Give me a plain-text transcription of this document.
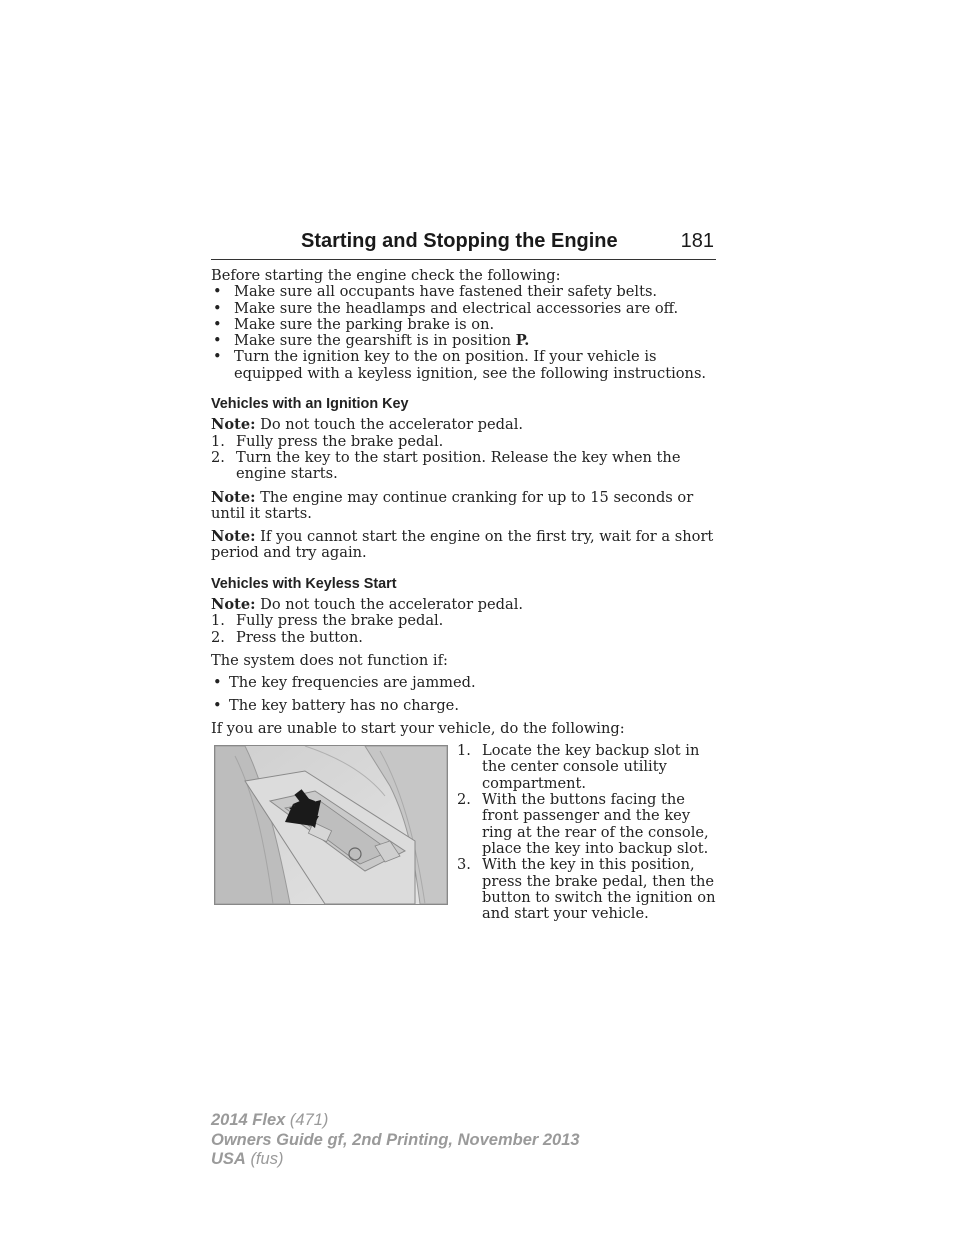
Starting and Stopping the Engine	181

Before starting the engine check the following:

• Make sure all occupants have fastened their safety belts.
• Make sure the headlamps and electrical accessories are off.
• Make sure the parking brake is on.
• Make sure the gearshift is in position P.
• Turn the ignition key to the on position. If your vehicle is equipped with a keyless ignition, see the following instructions.
Vehicles with an Ignition Key

Note: Do not touch the accelerator pedal.

1. Fully press the brake pedal.
2. Turn the key to the start position. Release the key when the engine starts.

Note: The engine may continue cranking for up to 15 seconds or until it starts.

Note: If you cannot start the engine on the first try, wait for a short period and try again.

Vehicles with Keyless Start

Note: Do not touch the accelerator pedal.

1. Fully press the brake pedal.
2. Press the button.

The system does not function if:

• The key frequencies are jammed.
• The key battery has no charge.

If you are unable to start your vehicle, do the following:

1. Locate the key backup slot in the center console utility compartment.
2. With the buttons facing the front passenger and the key ring at the rear of the console, place the key into backup slot.
3. With the key in this position, press the brake pedal, then the button to switch the ignition on and start your vehicle.
2014 Flex (471)
Owners Guide gf, 2nd Printing, November 2013
USA (fus)
